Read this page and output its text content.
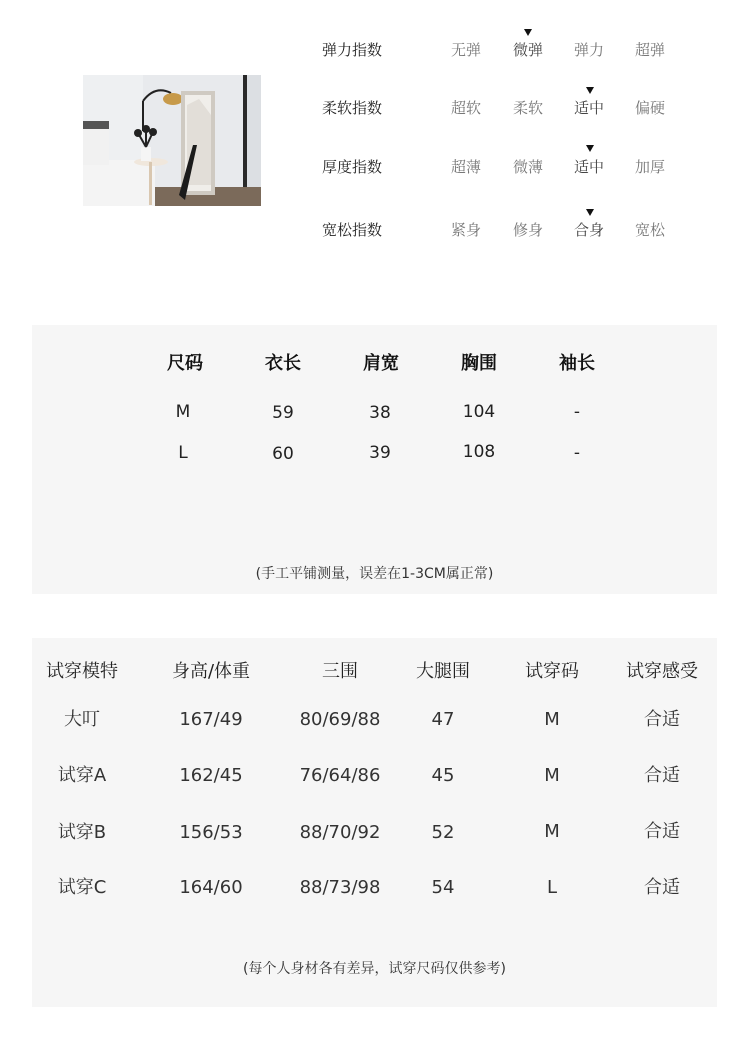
弹力指数	无弹	微弹	弹力	超弹
柔软指数	超软	柔软	适中	偏硬
厚度指数	超薄	微薄	适中	加厚
宽松指数	紧身	修身	合身	宽松
尺码	衣长	肩宽	胸围	袖长
M	59	38	104	-
L	60	39	108	-
(手工平铺测量，误差在1-3CM属正常)
试穿模特	身高/体重	三围	大腿围	试穿码	试穿感受
大叮	167/49	80/69/88	47	M	合适
试穿A	162/45	76/64/86	45	M	合适
试穿B	156/53	88/70/92	52	M	合适
试穿C	164/60	88/73/98	54	L	合适
(每个人身材各有差异，试穿尺码仅供参考)
